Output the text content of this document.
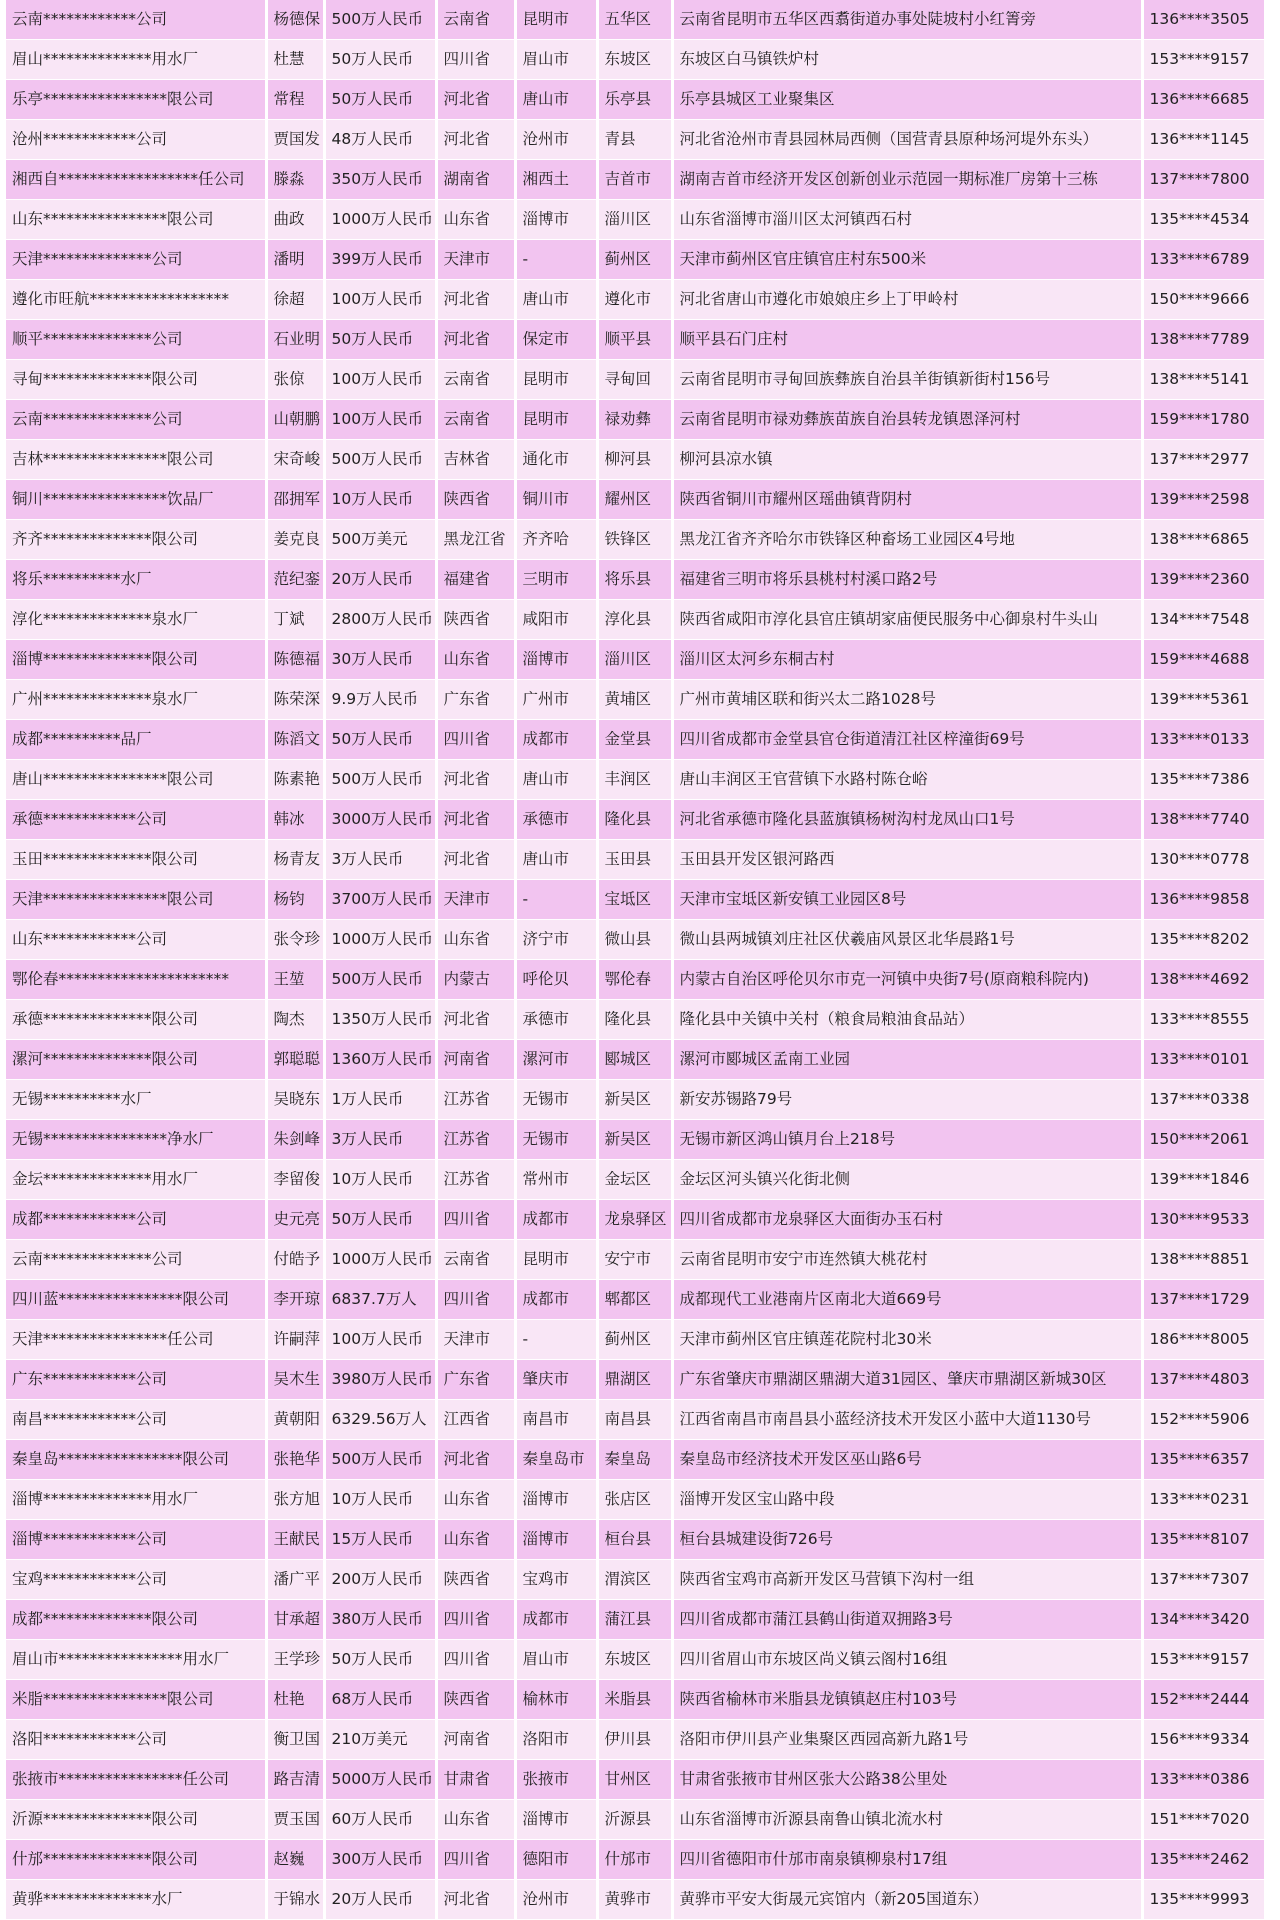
云南************公司	杨德保	500万人民币	云南省	昆明市	五华区	云南省昆明市五华区西翥街道办事处陡坡村小红箐旁	136****3505
眉山**************用水厂	杜慧	50万人民币	四川省	眉山市	东坡区	东坡区白马镇铁炉村	153****9157
乐亭****************限公司	常程	50万人民币	河北省	唐山市	乐亭县	乐亭县城区工业聚集区	136****6685
沧州************公司	贾国发	48万人民币	河北省	沧州市	青县	河北省沧州市青县园林局西侧（国营青县原种场河堤外东头）	136****1145
湘西自******************任公司	滕淼	350万人民币	湖南省	湘西土	吉首市	湖南吉首市经济开发区创新创业示范园一期标准厂房第十三栋	137****7800
山东****************限公司	曲政	1000万人民币	山东省	淄博市	淄川区	山东省淄博市淄川区太河镇西石村	135****4534
天津**************公司	潘明	399万人民币	天津市	-	蓟州区	天津市蓟州区官庄镇官庄村东500米	133****6789
遵化市旺航******************	徐超	100万人民币	河北省	唐山市	遵化市	河北省唐山市遵化市娘娘庄乡上丁甲岭村	150****9666
顺平**************公司	石业明	50万人民币	河北省	保定市	顺平县	顺平县石门庄村	138****7789
寻甸**************限公司	张倞	100万人民币	云南省	昆明市	寻甸回	云南省昆明市寻甸回族彝族自治县羊街镇新街村156号	138****5141
云南**************公司	山朝鹏	100万人民币	云南省	昆明市	禄劝彝	云南省昆明市禄劝彝族苗族自治县转龙镇恩泽河村	159****1780
吉林****************限公司	宋奇峻	500万人民币	吉林省	通化市	柳河县	柳河县凉水镇	137****2977
铜川****************饮品厂	邵拥军	10万人民币	陕西省	铜川市	耀州区	陕西省铜川市耀州区瑶曲镇背阴村	139****2598
齐齐**************限公司	姜克良	500万美元	黑龙江省	齐齐哈	铁锋区	黑龙江省齐齐哈尔市铁锋区种畜场工业园区4号地	138****6865
将乐**********水厂	范纪銮	20万人民币	福建省	三明市	将乐县	福建省三明市将乐县桃村村溪口路2号	139****2360
淳化**************泉水厂	丁斌	2800万人民币	陕西省	咸阳市	淳化县	陕西省咸阳市淳化县官庄镇胡家庙便民服务中心御泉村牛头山	134****7548
淄博**************限公司	陈德福	30万人民币	山东省	淄博市	淄川区	淄川区太河乡东桐古村	159****4688
广州**************泉水厂	陈荣深	9.9万人民币	广东省	广州市	黄埔区	广州市黄埔区联和街兴太二路1028号	139****5361
成都**********品厂	陈滔文	50万人民币	四川省	成都市	金堂县	四川省成都市金堂县官仓街道清江社区梓潼街69号	133****0133
唐山****************限公司	陈素艳	500万人民币	河北省	唐山市	丰润区	唐山丰润区王官营镇下水路村陈仓峪	135****7386
承德************公司	韩冰	3000万人民币	河北省	承德市	隆化县	河北省承德市隆化县蓝旗镇杨树沟村龙凤山口1号	138****7740
玉田**************限公司	杨青友	3万人民币	河北省	唐山市	玉田县	玉田县开发区银河路西	130****0778
天津****************限公司	杨钧	3700万人民币	天津市	-	宝坻区	天津市宝坻区新安镇工业园区8号	136****9858
山东************公司	张令珍	1000万人民币	山东省	济宁市	微山县	微山县两城镇刘庄社区伏羲庙风景区北华晨路1号	135****8202
鄂伦春**********************	王堃	500万人民币	内蒙古	呼伦贝	鄂伦春	内蒙古自治区呼伦贝尔市克一河镇中央街7号(原商粮科院内)	138****4692
承德**************限公司	陶杰	1350万人民币	河北省	承德市	隆化县	隆化县中关镇中关村（粮食局粮油食品站）	133****8555
漯河**************限公司	郭聪聪	1360万人民币	河南省	漯河市	郾城区	漯河市郾城区孟南工业园	133****0101
无锡**********水厂	吴晓东	1万人民币	江苏省	无锡市	新吴区	新安苏锡路79号	137****0338
无锡****************净水厂	朱剑峰	3万人民币	江苏省	无锡市	新吴区	无锡市新区鸿山镇月台上218号	150****2061
金坛**************用水厂	李留俊	10万人民币	江苏省	常州市	金坛区	金坛区河头镇兴化街北侧	139****1846
成都************公司	史元亮	50万人民币	四川省	成都市	龙泉驿区	四川省成都市龙泉驿区大面街办玉石村	130****9533
云南**************公司	付皓予	1000万人民币	云南省	昆明市	安宁市	云南省昆明市安宁市连然镇大桃花村	138****8851
四川蓝****************限公司	李开琼	6837.7万人	四川省	成都市	郫都区	成都现代工业港南片区南北大道669号	137****1729
天津****************任公司	许嗣萍	100万人民币	天津市	-	蓟州区	天津市蓟州区官庄镇莲花院村北30米	186****8005
广东************公司	吴木生	3980万人民币	广东省	肇庆市	鼎湖区	广东省肇庆市鼎湖区鼎湖大道31园区、肇庆市鼎湖区新城30区	137****4803
南昌************公司	黄朝阳	6329.56万人	江西省	南昌市	南昌县	江西省南昌市南昌县小蓝经济技术开发区小蓝中大道1130号	152****5906
秦皇岛****************限公司	张艳华	500万人民币	河北省	秦皇岛市	秦皇岛	秦皇岛市经济技术开发区巫山路6号	135****6357
淄博**************用水厂	张方旭	10万人民币	山东省	淄博市	张店区	淄博开发区宝山路中段	133****0231
淄博************公司	王献民	15万人民币	山东省	淄博市	桓台县	桓台县城建设街726号	135****8107
宝鸡************公司	潘广平	200万人民币	陕西省	宝鸡市	渭滨区	陕西省宝鸡市高新开发区马营镇下沟村一组	137****7307
成都**************限公司	甘承超	380万人民币	四川省	成都市	蒲江县	四川省成都市蒲江县鹤山街道双拥路3号	134****3420
眉山市****************用水厂	王学珍	50万人民币	四川省	眉山市	东坡区	四川省眉山市东坡区尚义镇云阁村16组	153****9157
米脂****************限公司	杜艳	68万人民币	陕西省	榆林市	米脂县	陕西省榆林市米脂县龙镇镇赵庄村103号	152****2444
洛阳************公司	衡卫国	210万美元	河南省	洛阳市	伊川县	洛阳市伊川县产业集聚区西园高新九路1号	156****9334
张掖市****************任公司	路吉清	5000万人民币	甘肃省	张掖市	甘州区	甘肃省张掖市甘州区张大公路38公里处	133****0386
沂源**************限公司	贾玉国	60万人民币	山东省	淄博市	沂源县	山东省淄博市沂源县南鲁山镇北流水村	151****7020
什邡**************限公司	赵巍	300万人民币	四川省	德阳市	什邡市	四川省德阳市什邡市南泉镇柳泉村17组	135****2462
黄骅**************水厂	于锦水	20万人民币	河北省	沧州市	黄骅市	黄骅市平安大街晟元宾馆内（新205国道东）	135****9993
